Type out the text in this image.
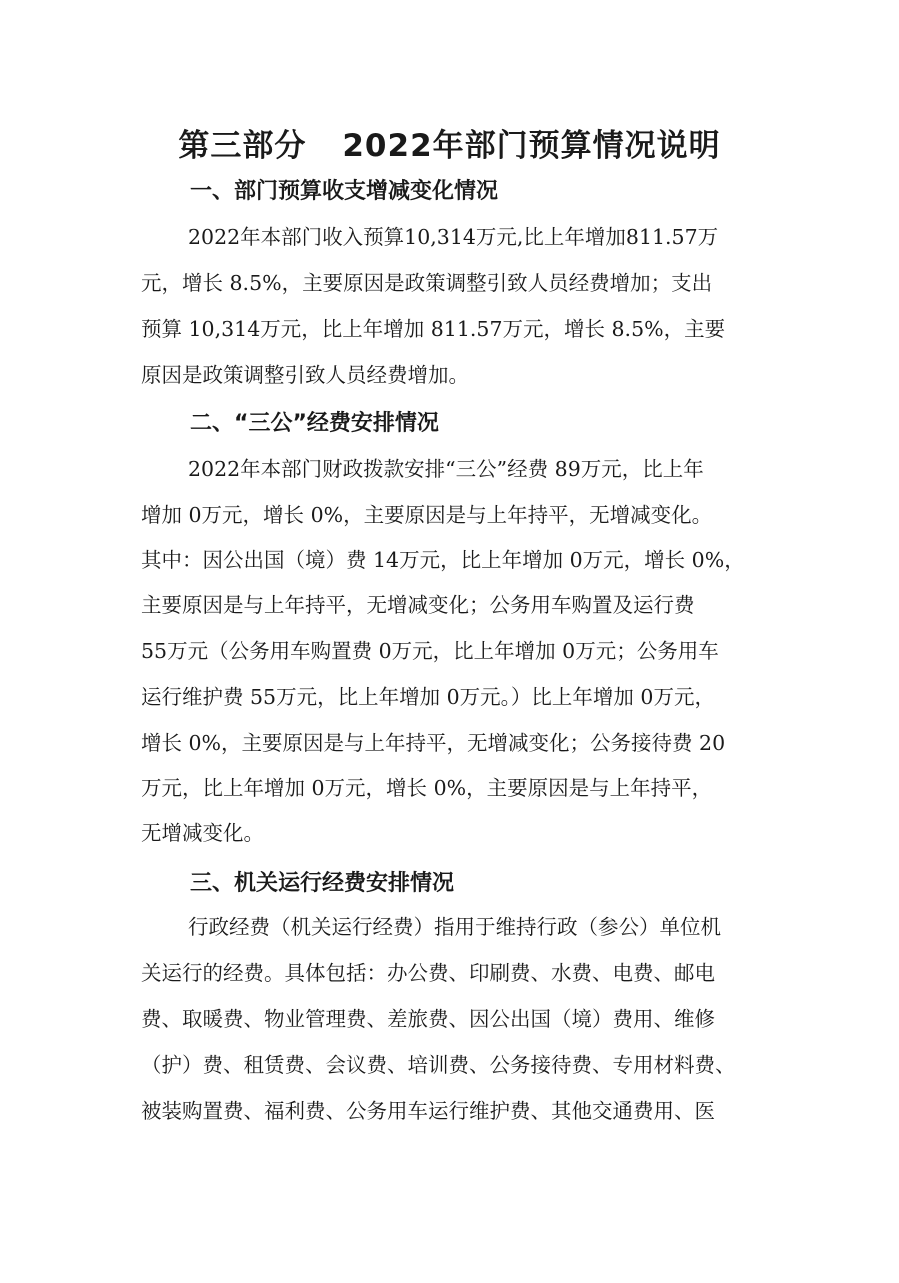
第三部分 2022年部门预算情况说明
一、部门预算收支增减变化情况
2022年本部门收入预算10,314万元,比上年增加811.57万
元，增长 8.5%，主要原因是政策调整引致人员经费增加；支出
预算 10,314万元，比上年增加 811.57万元，增长 8.5%，主要
原因是政策调整引致人员经费增加。
二、“三公”经费安排情况
2022年本部门财政拨款安排“三公”经费 89万元，比上年
增加 0万元，增长 0%，主要原因是与上年持平，无增减变化。
其中：因公出国（境）费 14万元，比上年增加 0万元，增长 0%，
主要原因是与上年持平，无增减变化；公务用车购置及运行费
55万元（公务用车购置费 0万元，比上年增加 0万元；公务用车
运行维护费 55万元，比上年增加 0万元。）比上年增加 0万元，
增长 0%，主要原因是与上年持平，无增减变化；公务接待费 20
万元，比上年增加 0万元，增长 0%，主要原因是与上年持平，
无增减变化。
三、机关运行经费安排情况
行政经费（机关运行经费）指用于维持行政（参公）单位机
关运行的经费。具体包括：办公费、印刷费、水费、电费、邮电
费、取暖费、物业管理费、差旅费、因公出国（境）费用、维修
（护）费、租赁费、会议费、培训费、公务接待费、专用材料费、
被装购置费、福利费、公务用车运行维护费、其他交通费用、医
